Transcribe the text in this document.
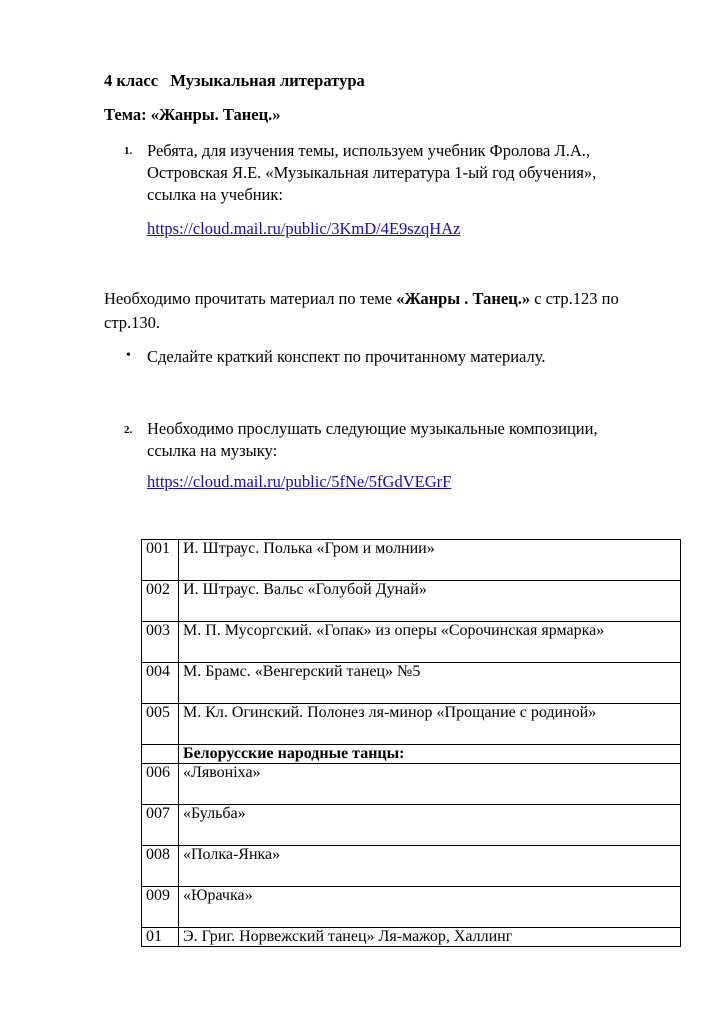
4 класс Музыкальная литература
Тема: «Жанры. Танец.»
1. Ребята, для изучения темы, используем учебник Фролова Л.А.,
Островская Я.Е. «Музыкальная литература 1-ый год обучения»,
ссылка на учебник:
https://cloud.mail.ru/public/3KmD/4E9szqHAz
Необходимо прочитать материал по теме «Жанры . Танец.» с стр.123 по
стр.130.
• Сделайте краткий конспект по прочитанному материалу.
2. Необходимо прослушать следующие музыкальные композиции,
ссылка на музыку:
https://cloud.mail.ru/public/5fNe/5fGdVEGrF
001	И. Штраус. Полька «Гром и молнии»
002	И. Штраус. Вальс «Голубой Дунай»
003	М. П. Мусоргский. «Гопак» из оперы «Сорочинская ярмарка»
004	М. Брамс. «Венгерский танец» №5
005	М. Кл. Огинский. Полонез ля-минор «Прощание с родиной»
	Белорусские народные танцы:
006	«Лявонiха»
007	«Бульба»
008	«Полка-Янка»
009	«Юрачка»
01	Э. Григ. Норвежский танец» Ля-мажор, Халлинг
